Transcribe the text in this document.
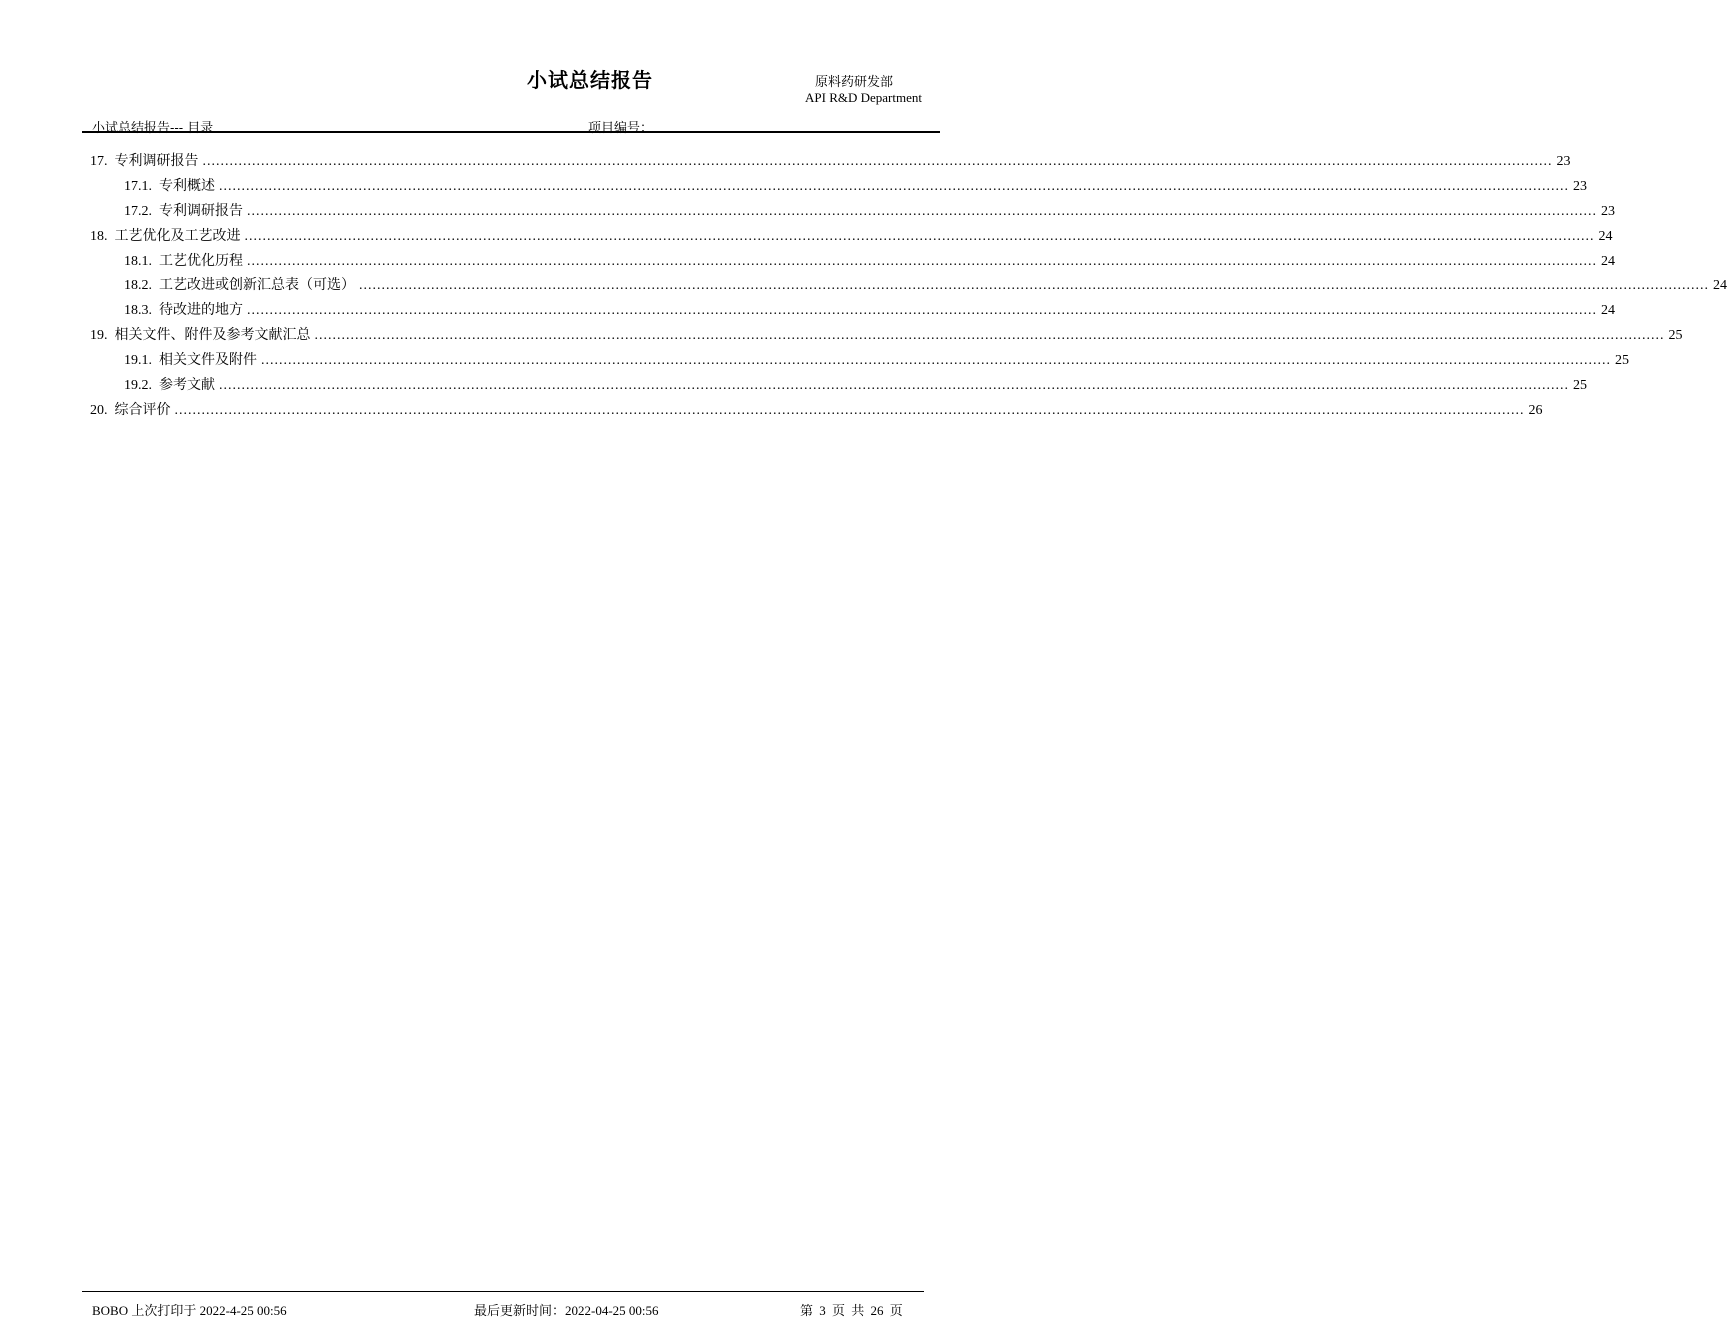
小试总结报告	原料药研发部
API R&D Department
小试总结报告--- 目录	项目编号：
17. 专利调研报告 ............................................................................................................................................................................................................................................................................................................ 23
17.1. 专利概述 ............................................................................................................................................................................................................................................................................................................ 23
17.2. 专利调研报告 ............................................................................................................................................................................................................................................................................................................ 23
18. 工艺优化及工艺改进 ............................................................................................................................................................................................................................................................................................................ 24
18.1. 工艺优化历程 ............................................................................................................................................................................................................................................................................................................ 24
18.2. 工艺改进或创新汇总表（可选） ............................................................................................................................................................................................................................................................................................................ 24
18.3. 待改进的地方 ............................................................................................................................................................................................................................................................................................................ 24
19. 相关文件、附件及参考文献汇总 ............................................................................................................................................................................................................................................................................................................ 25
19.1. 相关文件及附件 ............................................................................................................................................................................................................................................................................................................ 25
19.2. 参考文献 ............................................................................................................................................................................................................................................................................................................ 25
20. 综合评价 ............................................................................................................................................................................................................................................................................................................ 26
BOBO 上次打印于 2022-4-25 00:56	最后更新时间：2022-04-25 00:56	第 3 页 共 26 页
